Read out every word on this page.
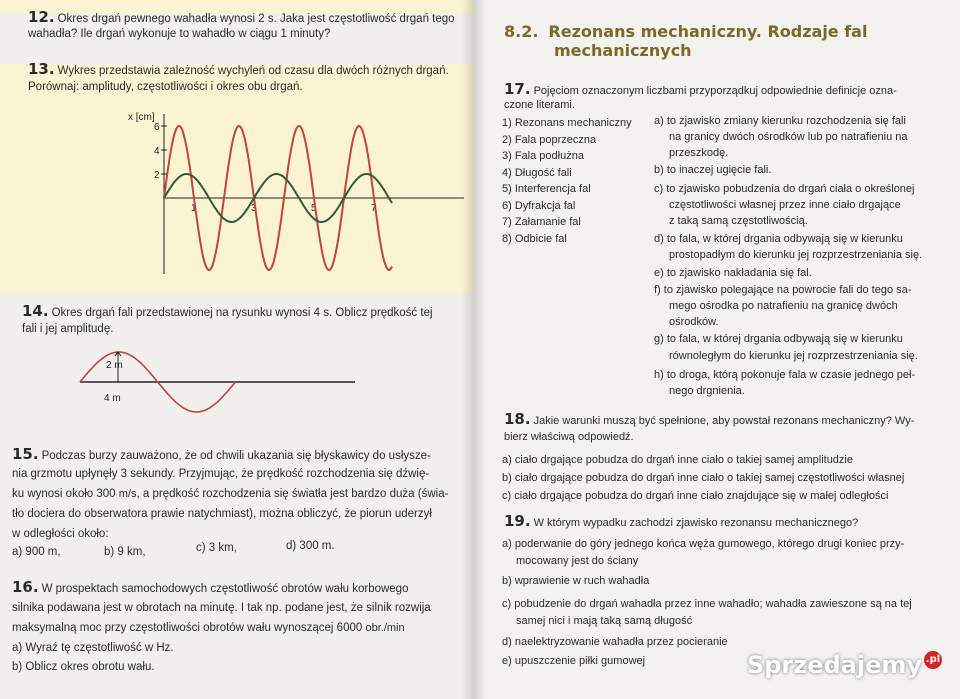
12. Okres drgań pewnego wahadła wynosi 2 s. Jaka jest częstotliwość drgań tego
wahadła? Ile drgań wykonuje to wahadło w ciągu 1 minuty?
13. Wykres przedstawia zależność wychyleń od czasu dla dwóch różnych drgań.
Porównaj: amplitudy, częstotliwości i okres obu drgań.
x [cm]
2
4
6
1	3	5	7
14. Okres drgań fali przedstawionej na rysunku wynosi 4 s. Oblicz prędkość tej
fali i jej amplitudę.
2 m
4 m
15. Podczas burzy zauważono, że od chwili ukazania się błyskawicy do usłysze-
nia grzmotu upłynęły 3 sekundy. Przyjmując, że prędkość rozchodzenia się dźwię-
ku wynosi około 300 m/s, a prędkość rozchodzenia się światła jest bardzo duża (świa-
tło dociera do obserwatora prawie natychmiast), można obliczyć, że piorun uderzył
w odległości około:
a) 900 m,	b) 9 km,	c) 3 km,	d) 300 m.
16. W prospektach samochodowych częstotliwość obrotów wału korbowego
silnika podawana jest w obrotach na minutę. I tak np. podane jest, że silnik rozwija
maksymalną moc przy częstotliwości obrotów wału wynoszącej 6000 obr./min
a) Wyraź tę częstotliwość w Hz.
b) Oblicz okres obrotu wału.
8.2. Rezonans mechaniczny. Rodzaje fal
mechanicznych
17. Pojęciom oznaczonym liczbami przyporządkuj odpowiednie definicje ozna-
czone literami.
1) Rezonans mechaniczny
2) Fala poprzeczna
3) Fala podłużna
4) Długość fali
5) Interferencja fal
6) Dyfrakcja fal
7) Załamanie fal
8) Odbicie fal
a) to zjawisko zmiany kierunku rozchodzenia się fali
na granicy dwóch ośrodków lub po natrafieniu na
przeszkodę.
b) to inaczej ugięcie fali.
c) to zjawisko pobudzenia do drgań ciała o określonej
częstotliwości własnej przez inne ciało drgające
z taką samą częstotliwością.
d) to fala, w której drgania odbywają się w kierunku
prostopadłym do kierunku jej rozprzestrzeniania się.
e) to zjawisko nakładania się fal.
f) to zjawisko polegające na powrocie fali do tego sa-
mego ośrodka po natrafieniu na granicę dwóch
ośrodków.
g) to fala, w której drgania odbywają się w kierunku
równoległym do kierunku jej rozprzestrzeniania się.
h) to droga, którą pokonuje fala w czasie jednego peł-
nego drgnienia.
18. Jakie warunki muszą być spełnione, aby powstał rezonans mechaniczny? Wy-
bierz właściwą odpowiedź.
a) ciało drgające pobudza do drgań inne ciało o takiej samej amplitudzie
b) ciało drgające pobudza do drgań inne ciało o takiej samej częstotliwości własnej
c) ciało drgające pobudza do drgań inne ciało znajdujące się w małej odległości
19. W którym wypadku zachodzi zjawisko rezonansu mechanicznego?
a) poderwanie do góry jednego końca węża gumowego, którego drugi koniec przy-
mocowany jest do ściany
b) wprawienie w ruch wahadła
c) pobudzenie do drgań wahadła przez inne wahadło; wahadła zawieszone są na tej
samej nici i mają taką samą długość
d) naelektryzowanie wahadła przez pocieranie
e) upuszczenie piłki gumowej	Sprzedajemy .pl
